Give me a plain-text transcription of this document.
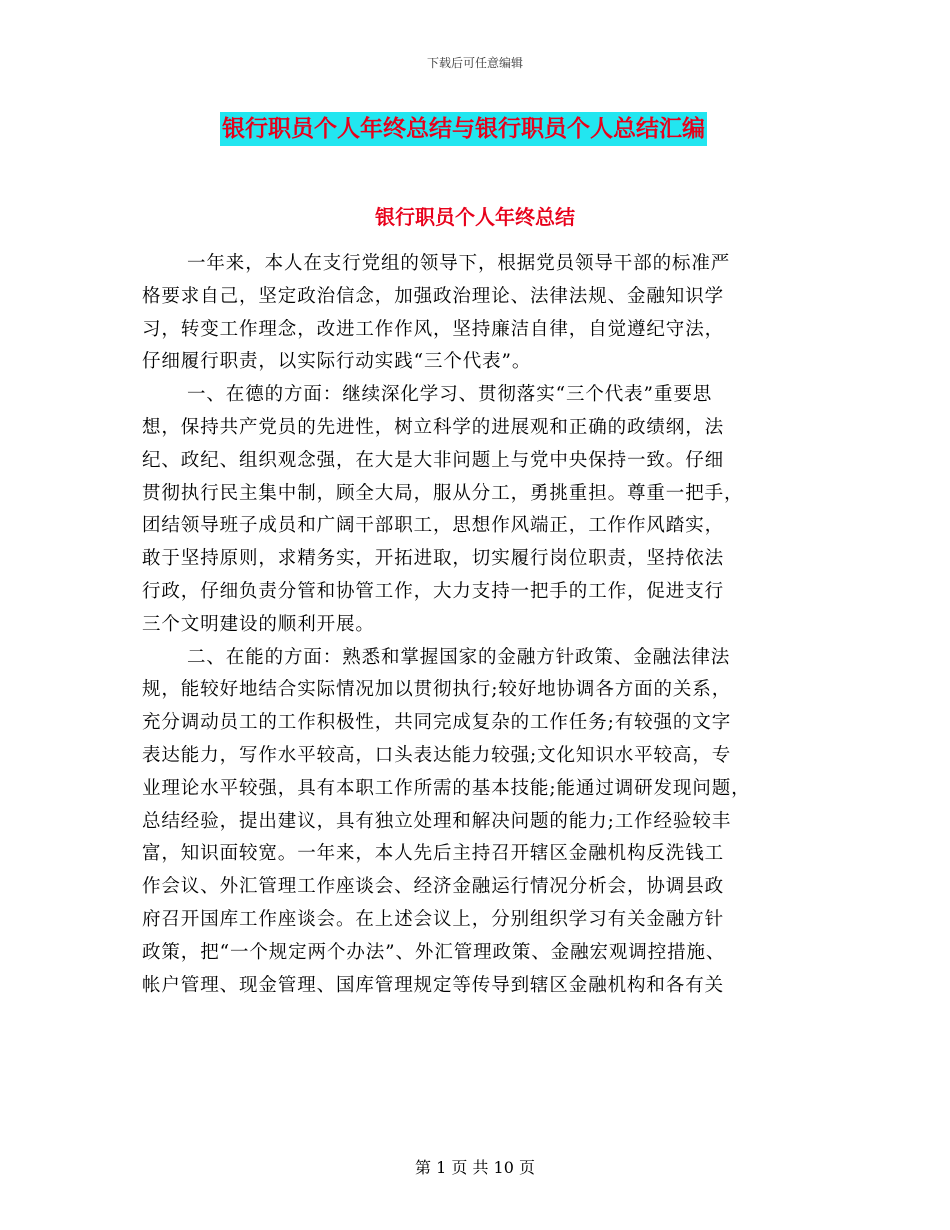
下载后可任意编辑
银行职员个人年终总结与银行职员个人总结汇编
银行职员个人年终总结
一年来，本人在支行党组的领导下，根据党员领导干部的标准严
格要求自己，坚定政治信念，加强政治理论、法律法规、金融知识学
习，转变工作理念，改进工作作风，坚持廉洁自律，自觉遵纪守法，
仔细履行职责，以实际行动实践“三个代表”。
一、在德的方面：继续深化学习、贯彻落实“三个代表”重要思
想，保持共产党员的先进性，树立科学的进展观和正确的政绩纲，法
纪、政纪、组织观念强，在大是大非问题上与党中央保持一致。仔细
贯彻执行民主集中制，顾全大局，服从分工，勇挑重担。尊重一把手，
团结领导班子成员和广阔干部职工，思想作风端正，工作作风踏实，
敢于坚持原则，求精务实，开拓进取，切实履行岗位职责，坚持依法
行政，仔细负责分管和协管工作，大力支持一把手的工作，促进支行
三个文明建设的顺利开展。
二、在能的方面：熟悉和掌握国家的金融方针政策、金融法律法
规，能较好地结合实际情况加以贯彻执行;较好地协调各方面的关系，
充分调动员工的工作积极性，共同完成复杂的工作任务;有较强的文字
表达能力，写作水平较高，口头表达能力较强;文化知识水平较高，专
业理论水平较强，具有本职工作所需的基本技能;能通过调研发现问题，
总结经验，提出建议，具有独立处理和解决问题的能力;工作经验较丰
富，知识面较宽。一年来，本人先后主持召开辖区金融机构反洗钱工
作会议、外汇管理工作座谈会、经济金融运行情况分析会，协调县政
府召开国库工作座谈会。在上述会议上，分别组织学习有关金融方针
政策，把“一个规定两个办法”、外汇管理政策、金融宏观调控措施、
帐户管理、现金管理、国库管理规定等传导到辖区金融机构和各有关
第 1 页 共 10 页
